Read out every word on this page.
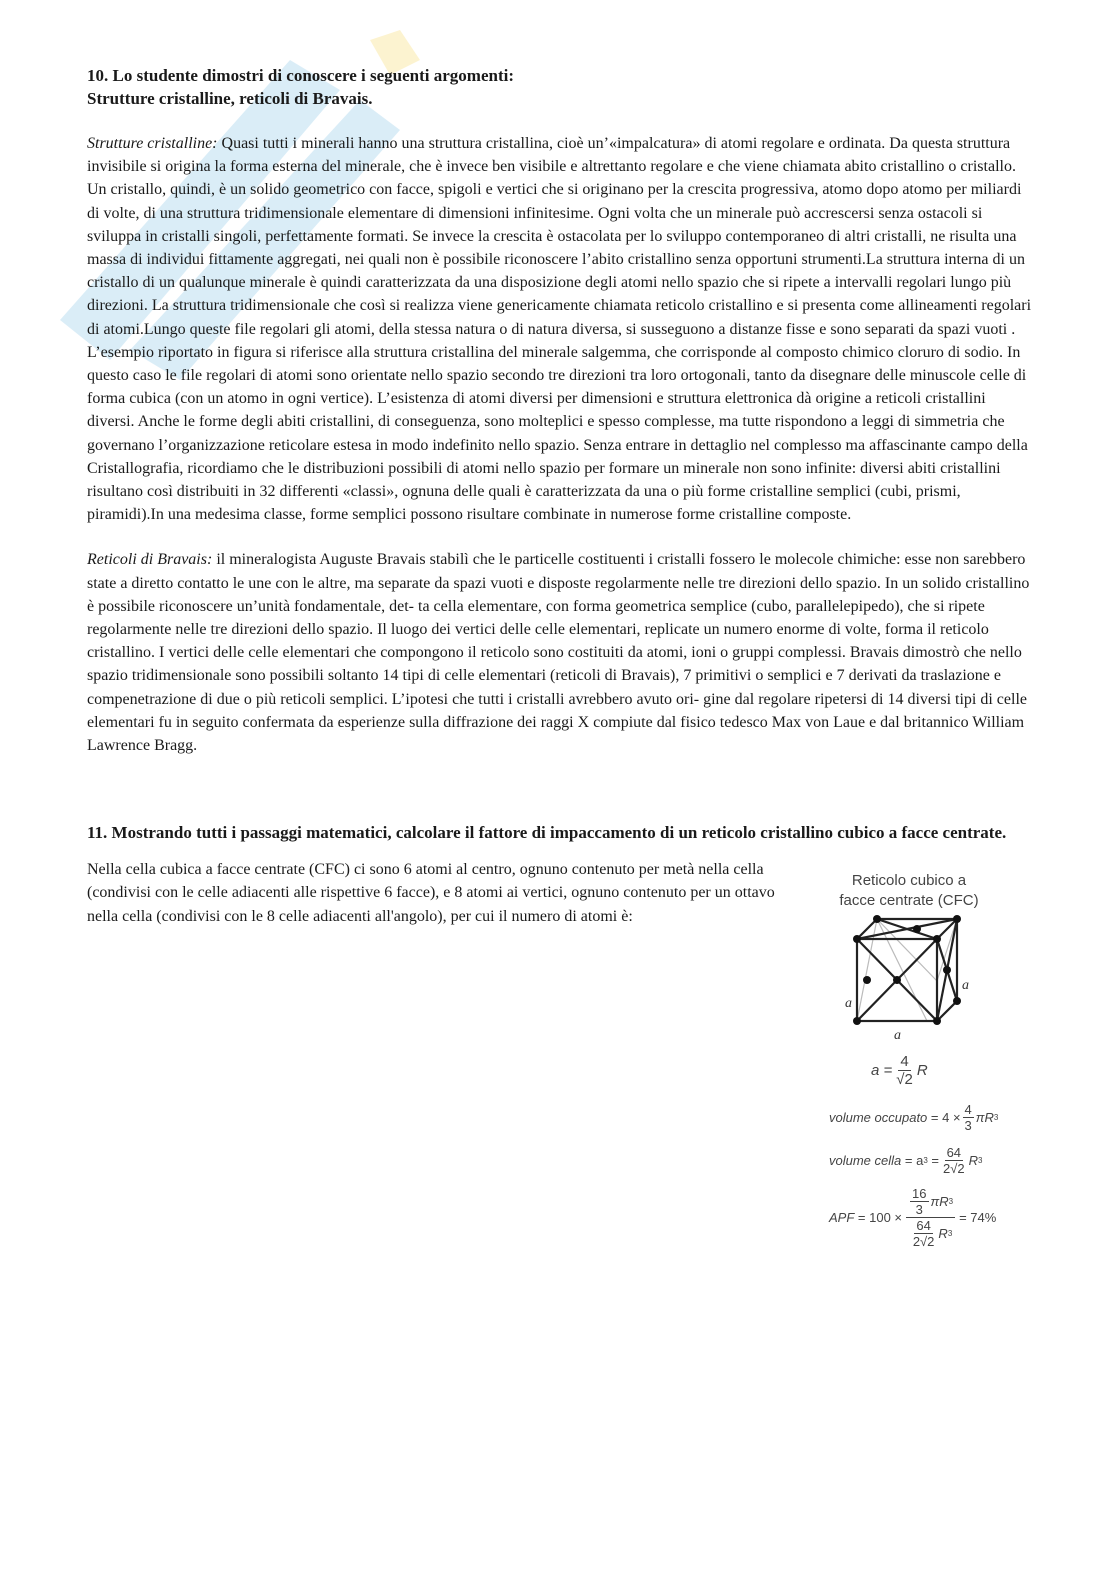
10. Lo studente dimostri di conoscere i seguenti argomenti:
Strutture cristalline, reticoli di Bravais.

Strutture cristalline: Quasi tutti i minerali hanno una struttura cristallina, cioè un’«impalcatura» di atomi regolare e ordinata. Da questa struttura invisibile si origina la forma esterna del minerale, che è invece ben visibile e altrettanto regolare e che viene chiamata abito cristallino o cristallo. Un cristallo, quindi, è un solido geometrico con facce, spigoli e vertici che si originano per la crescita progressiva, atomo dopo atomo per miliardi di volte, di una struttura tridimensionale elementare di dimensioni infinitesime. Ogni volta che un minerale può accrescersi senza ostacoli si sviluppa in cristalli singoli, perfettamente formati. Se invece la crescita è ostacolata per lo sviluppo contemporaneo di altri cristalli, ne risulta una massa di individui fittamente aggregati, nei quali non è possibile riconoscere l’abito cristallino senza opportuni strumenti.La struttura interna di un cristallo di un qualunque minerale è quindi caratterizzata da una disposizione degli atomi nello spazio che si ripete a intervalli regolari lungo più direzioni. La struttura tridimensionale che così si realizza viene genericamente chiamata reticolo cristallino e si presenta come allineamenti regolari di atomi.Lungo queste file regolari gli atomi, della stessa natura o di natura diversa, si susseguono a distanze fisse e sono separati da spazi vuoti . L’esempio riportato in figura si riferisce alla struttura cristallina del minerale salgemma, che corrisponde al composto chimico cloruro di sodio. In questo caso le file regolari di atomi sono orientate nello spazio secondo tre direzioni tra loro ortogonali, tanto da disegnare delle minuscole celle di forma cubica (con un atomo in ogni vertice). L’esistenza di atomi diversi per dimensioni e struttura elettronica dà origine a reticoli cristallini diversi. Anche le forme degli abiti cristallini, di conseguenza, sono molteplici e spesso complesse, ma tutte rispondono a leggi di simmetria che governano l’organizzazione reticolare estesa in modo indefinito nello spazio. Senza entrare in dettaglio nel complesso ma affascinante campo della Cristallografia, ricordiamo che le distribuzioni possibili di atomi nello spazio per formare un minerale non sono infinite: diversi abiti cristallini risultano così distribuiti in 32 differenti «classi», ognuna delle quali è caratterizzata da una o più forme cristalline semplici (cubi, prismi, piramidi).In una medesima classe, forme semplici possono risultare combinate in numerose forme cristalline composte.

Reticoli di Bravais: il mineralogista Auguste Bravais stabilì che le particelle costituenti i cristalli fossero le molecole chimiche: esse non sarebbero state a diretto contatto le une con le altre, ma separate da spazi vuoti e disposte regolarmente nelle tre direzioni dello spazio. In un solido cristallino è possibile riconoscere un’unità fondamentale, det- ta cella elementare, con forma geometrica semplice (cubo, parallelepipedo), che si ripete regolarmente nelle tre direzioni dello spazio. Il luogo dei vertici delle celle elementari, replicate un numero enorme di volte, forma il reticolo cristallino. I vertici delle celle elementari che compongono il reticolo sono costituiti da atomi, ioni o gruppi complessi. Bravais dimostrò che nello spazio tridimensionale sono possibili soltanto 14 tipi di celle elementari (reticoli di Bravais), 7 primitivi o semplici e 7 derivati da traslazione e compenetrazione di due o più reticoli semplici. L’ipotesi che tutti i cristalli avrebbero avuto ori- gine dal regolare ripetersi di 14 diversi tipi di celle elementari fu in seguito confermata da esperienze sulla diffrazione dei raggi X compiute dal fisico tedesco Max von Laue e dal britannico William Lawrence Bragg.

11. Mostrando tutti i passaggi matematici, calcolare il fattore di impaccamento di un reticolo cristallino cubico a facce centrate.

Nella cella cubica a facce centrate (CFC) ci sono 6 atomi al centro, ognuno contenuto per metà nella cella (condivisi con le celle adiacenti alle rispettive 6 facce), e 8 atomi ai vertici, ognuno contenuto per un ottavo nella cella (condivisi con le 8 celle adiacenti all'angolo), per cui il numero di atomi è:

Reticolo cubico a facce centrate (CFC)
a
a
a
$a = \frac{4}{√2}$ R
volume occupato
= $4 \times \frac{4}{3}$ πR 3
volume cella
= a 3
= $\frac{64}{2√2}$ R 3
APF
= $100 \times \frac{\frac{16}{3} \pi R 3}{\frac{64}{2√2} R 3} = 74\%$
